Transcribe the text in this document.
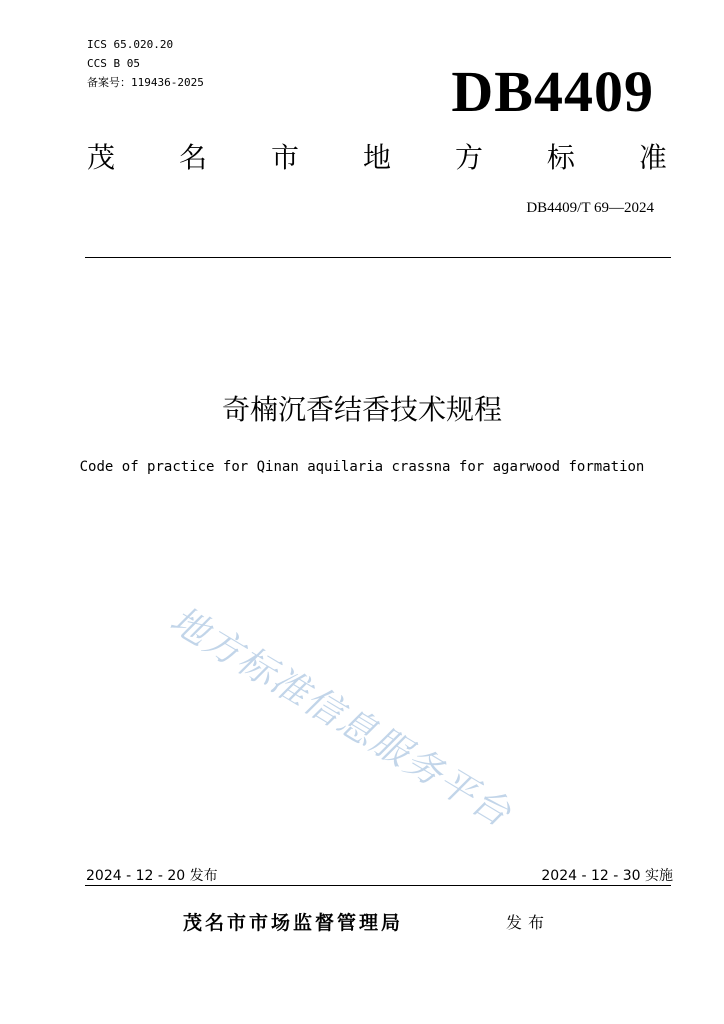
ICS 65.020.20
CCS B 05
备案号：119436-2025	DB4409
茂 名 市 地 方 标 准
DB4409/T 69—2024
奇楠沉香结香技术规程
Code of practice for Qinan aquilaria crassna for agarwood formation
地方标准信息服务平台
2024 - 12 - 20 发布	2024 - 12 - 30 实施
茂名市市场监督管理局	发布
